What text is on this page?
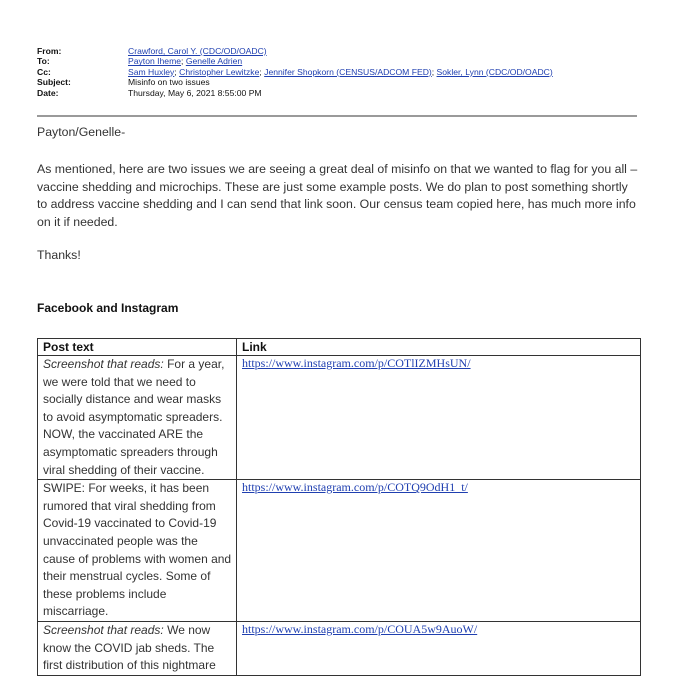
From:	Crawford, Carol Y. (CDC/OD/OADC)
To:	Payton Iheme; Genelle Adrien
Cc:	Sam Huxley; Christopher Lewitzke; Jennifer Shopkorn (CENSUS/ADCOM FED); Sokler, Lynn (CDC/OD/OADC)
Subject:	Misinfo on two issues
Date:	Thursday, May 6, 2021 8:55:00 PM
Payton/Genelle-
As mentioned, here are two issues we are seeing a great deal of misinfo on that we wanted to flag for you all – vaccine shedding and microchips. These are just some example posts. We do plan to post something shortly to address vaccine shedding and I can send that link soon. Our census team copied here, has much more info on it if needed.
Thanks!
Facebook and Instagram
Post text	Link
Screenshot that reads: For a year, we were told that we need to socially distance and wear masks to avoid asymptomatic spreaders. NOW, the vaccinated ARE the asymptomatic spreaders through viral shedding of their vaccine.	https://www.instagram.com/p/COTlIZMHsUN/
SWIPE: For weeks, it has been rumored that viral shedding from Covid-19 vaccinated to Covid-19 unvaccinated people was the cause of problems with women and their menstrual cycles. Some of these problems include miscarriage.	https://www.instagram.com/p/COTQ9OdH1_t/
Screenshot that reads: We now know the COVID jab sheds. The first distribution of this nightmare	https://www.instagram.com/p/COUA5w9AuoW/
